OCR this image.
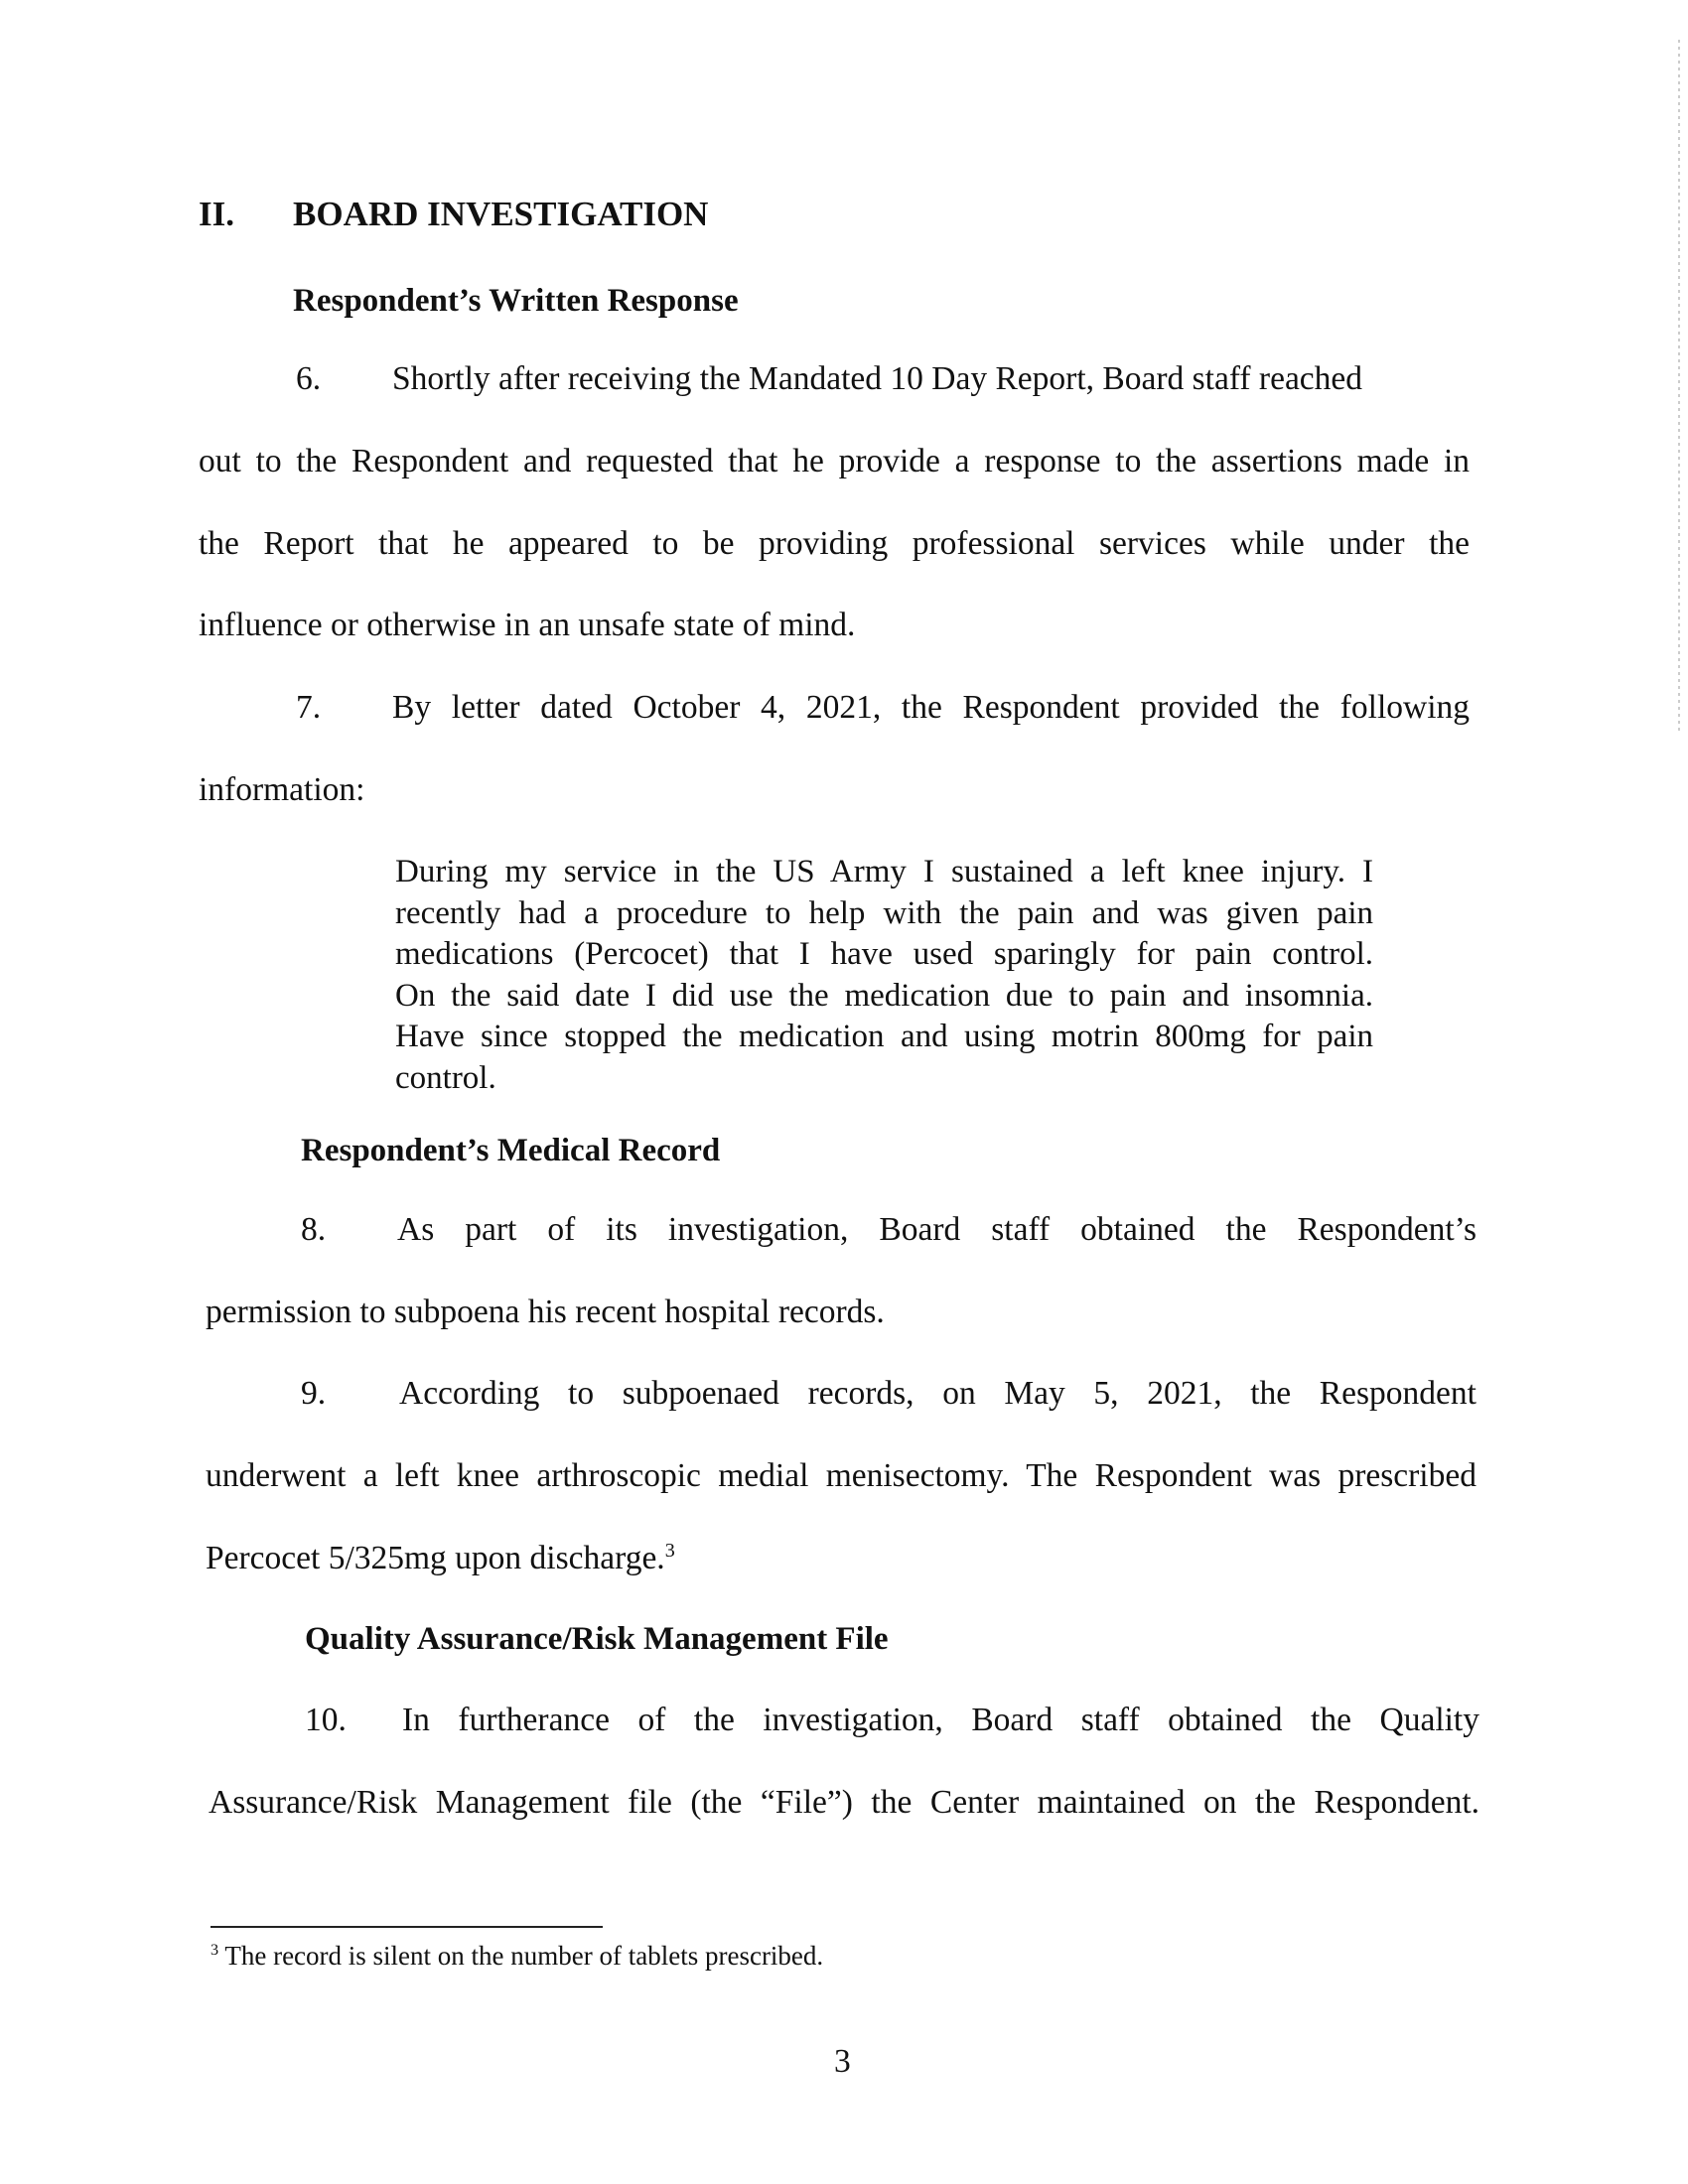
II. BOARD INVESTIGATION
Respondent’s Written Response
6. Shortly after receiving the Mandated 10 Day Report, Board staff reached
out to the Respondent and requested that he provide a response to the assertions made in
the Report that he appeared to be providing professional services while under the
influence or otherwise in an unsafe state of mind.
7. By letter dated October 4, 2021, the Respondent provided the following
information:
During my service in the US Army I sustained a left knee injury. I
recently had a procedure to help with the pain and was given pain
medications (Percocet) that I have used sparingly for pain control.
On the said date I did use the medication due to pain and insomnia.
Have since stopped the medication and using motrin 800mg for pain
control.
Respondent’s Medical Record
8. As part of its investigation, Board staff obtained the Respondent’s
permission to subpoena his recent hospital records.
9. According to subpoenaed records, on May 5, 2021, the Respondent
underwent a left knee arthroscopic medial menisectomy. The Respondent was prescribed
Percocet 5/325mg upon discharge.$^3$
Quality Assurance/Risk Management File
10. In furtherance of the investigation, Board staff obtained the Quality
Assurance/Risk Management file (the “File”) the Center maintained on the Respondent.
$^3$ The record is silent on the number of tablets prescribed.
3
